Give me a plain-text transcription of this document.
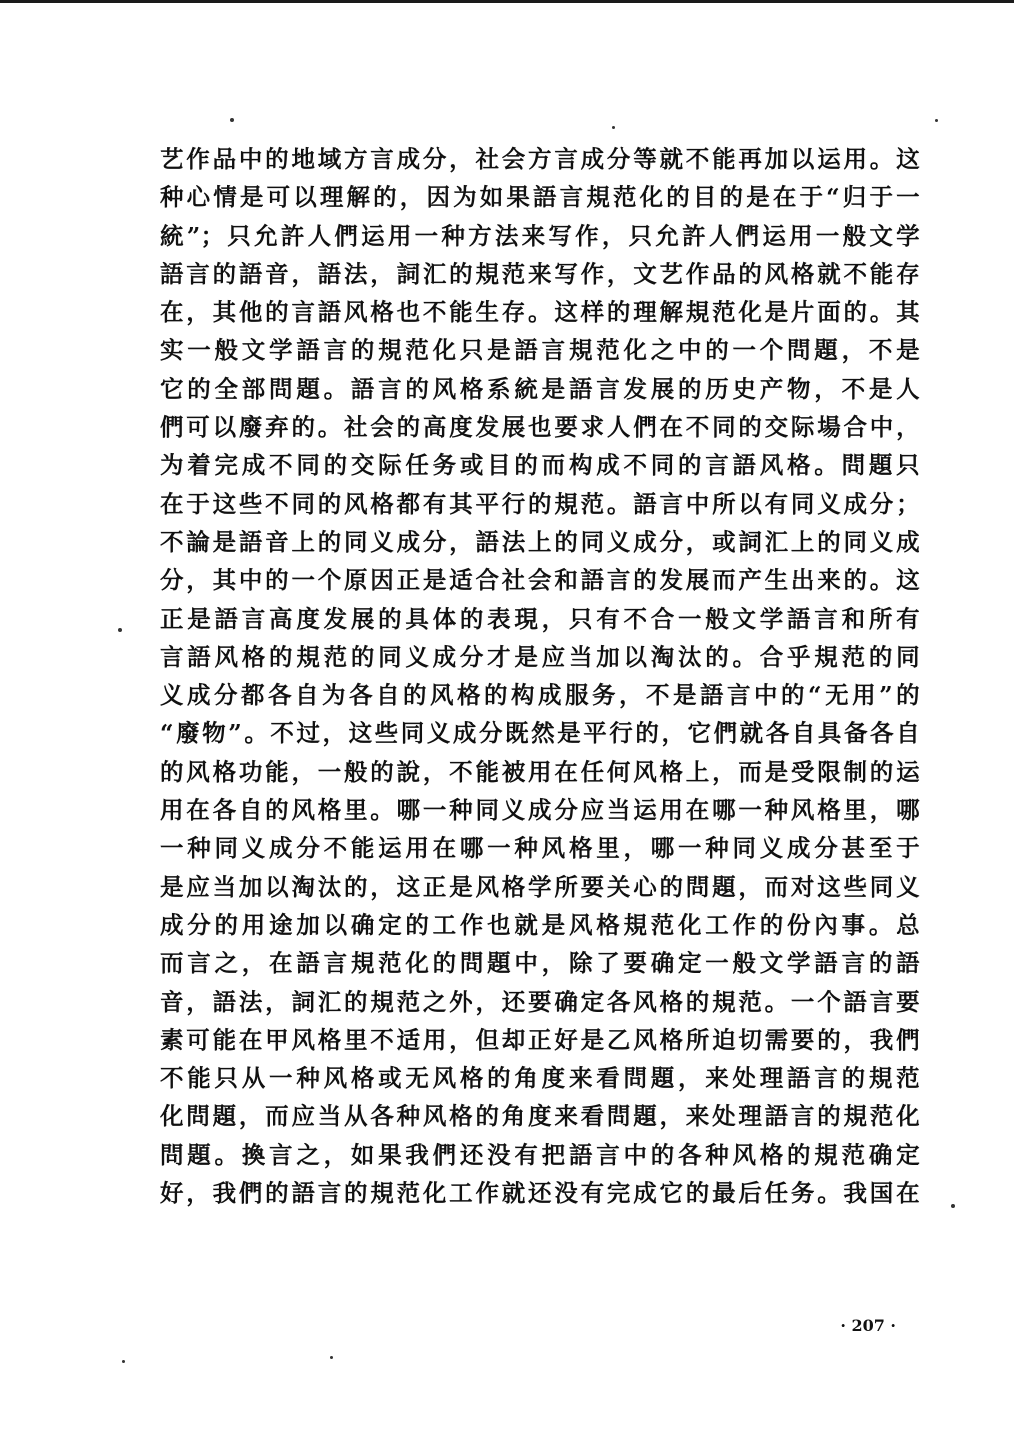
艺作品中的地域方言成分，社会方言成分等就不能再加以运用。这
种心情是可以理解的，因为如果語言規范化的目的是在于“归于一
統”；只允許人們运用一种方法来写作，只允許人們运用一般文学
語言的語音，語法，詞汇的規范来写作，文艺作品的风格就不能存
在，其他的言語风格也不能生存。这样的理解規范化是片面的。其
实一般文学語言的規范化只是語言規范化之中的一个問題，不是
它的全部問題。語言的风格系統是語言发展的历史产物，不是人
們可以廢弃的。社会的高度发展也要求人們在不同的交际場合中，
为着完成不同的交际任务或目的而构成不同的言語风格。問題只
在于这些不同的风格都有其平行的規范。語言中所以有同义成分；
不論是語音上的同义成分，語法上的同义成分，或詞汇上的同义成
分，其中的一个原因正是适合社会和語言的发展而产生出来的。这
正是語言高度发展的具体的表現，只有不合一般文学語言和所有
言語风格的規范的同义成分才是应当加以淘汰的。合乎規范的同
义成分都各自为各自的风格的构成服务，不是語言中的“无用”的
“廢物”。不过，这些同义成分既然是平行的，它們就各自具备各自
的风格功能，一般的說，不能被用在任何风格上，而是受限制的运
用在各自的风格里。哪一种同义成分应当运用在哪一种风格里，哪
一种同义成分不能运用在哪一种风格里，哪一种同义成分甚至于
是应当加以淘汰的，这正是风格学所要关心的問題，而对这些同义
成分的用途加以确定的工作也就是风格規范化工作的份內事。总
而言之，在語言規范化的問題中，除了要确定一般文学語言的語
音，語法，詞汇的規范之外，还要确定各风格的規范。一个語言要
素可能在甲风格里不适用，但却正好是乙风格所迫切需要的，我們
不能只从一种风格或无风格的角度来看問題，来处理語言的規范
化問題，而应当从各种风格的角度来看問題，来处理語言的規范化
問題。換言之，如果我們还没有把語言中的各种风格的規范确定
好，我們的語言的規范化工作就还没有完成它的最后任务。我国在
· 207 ·
